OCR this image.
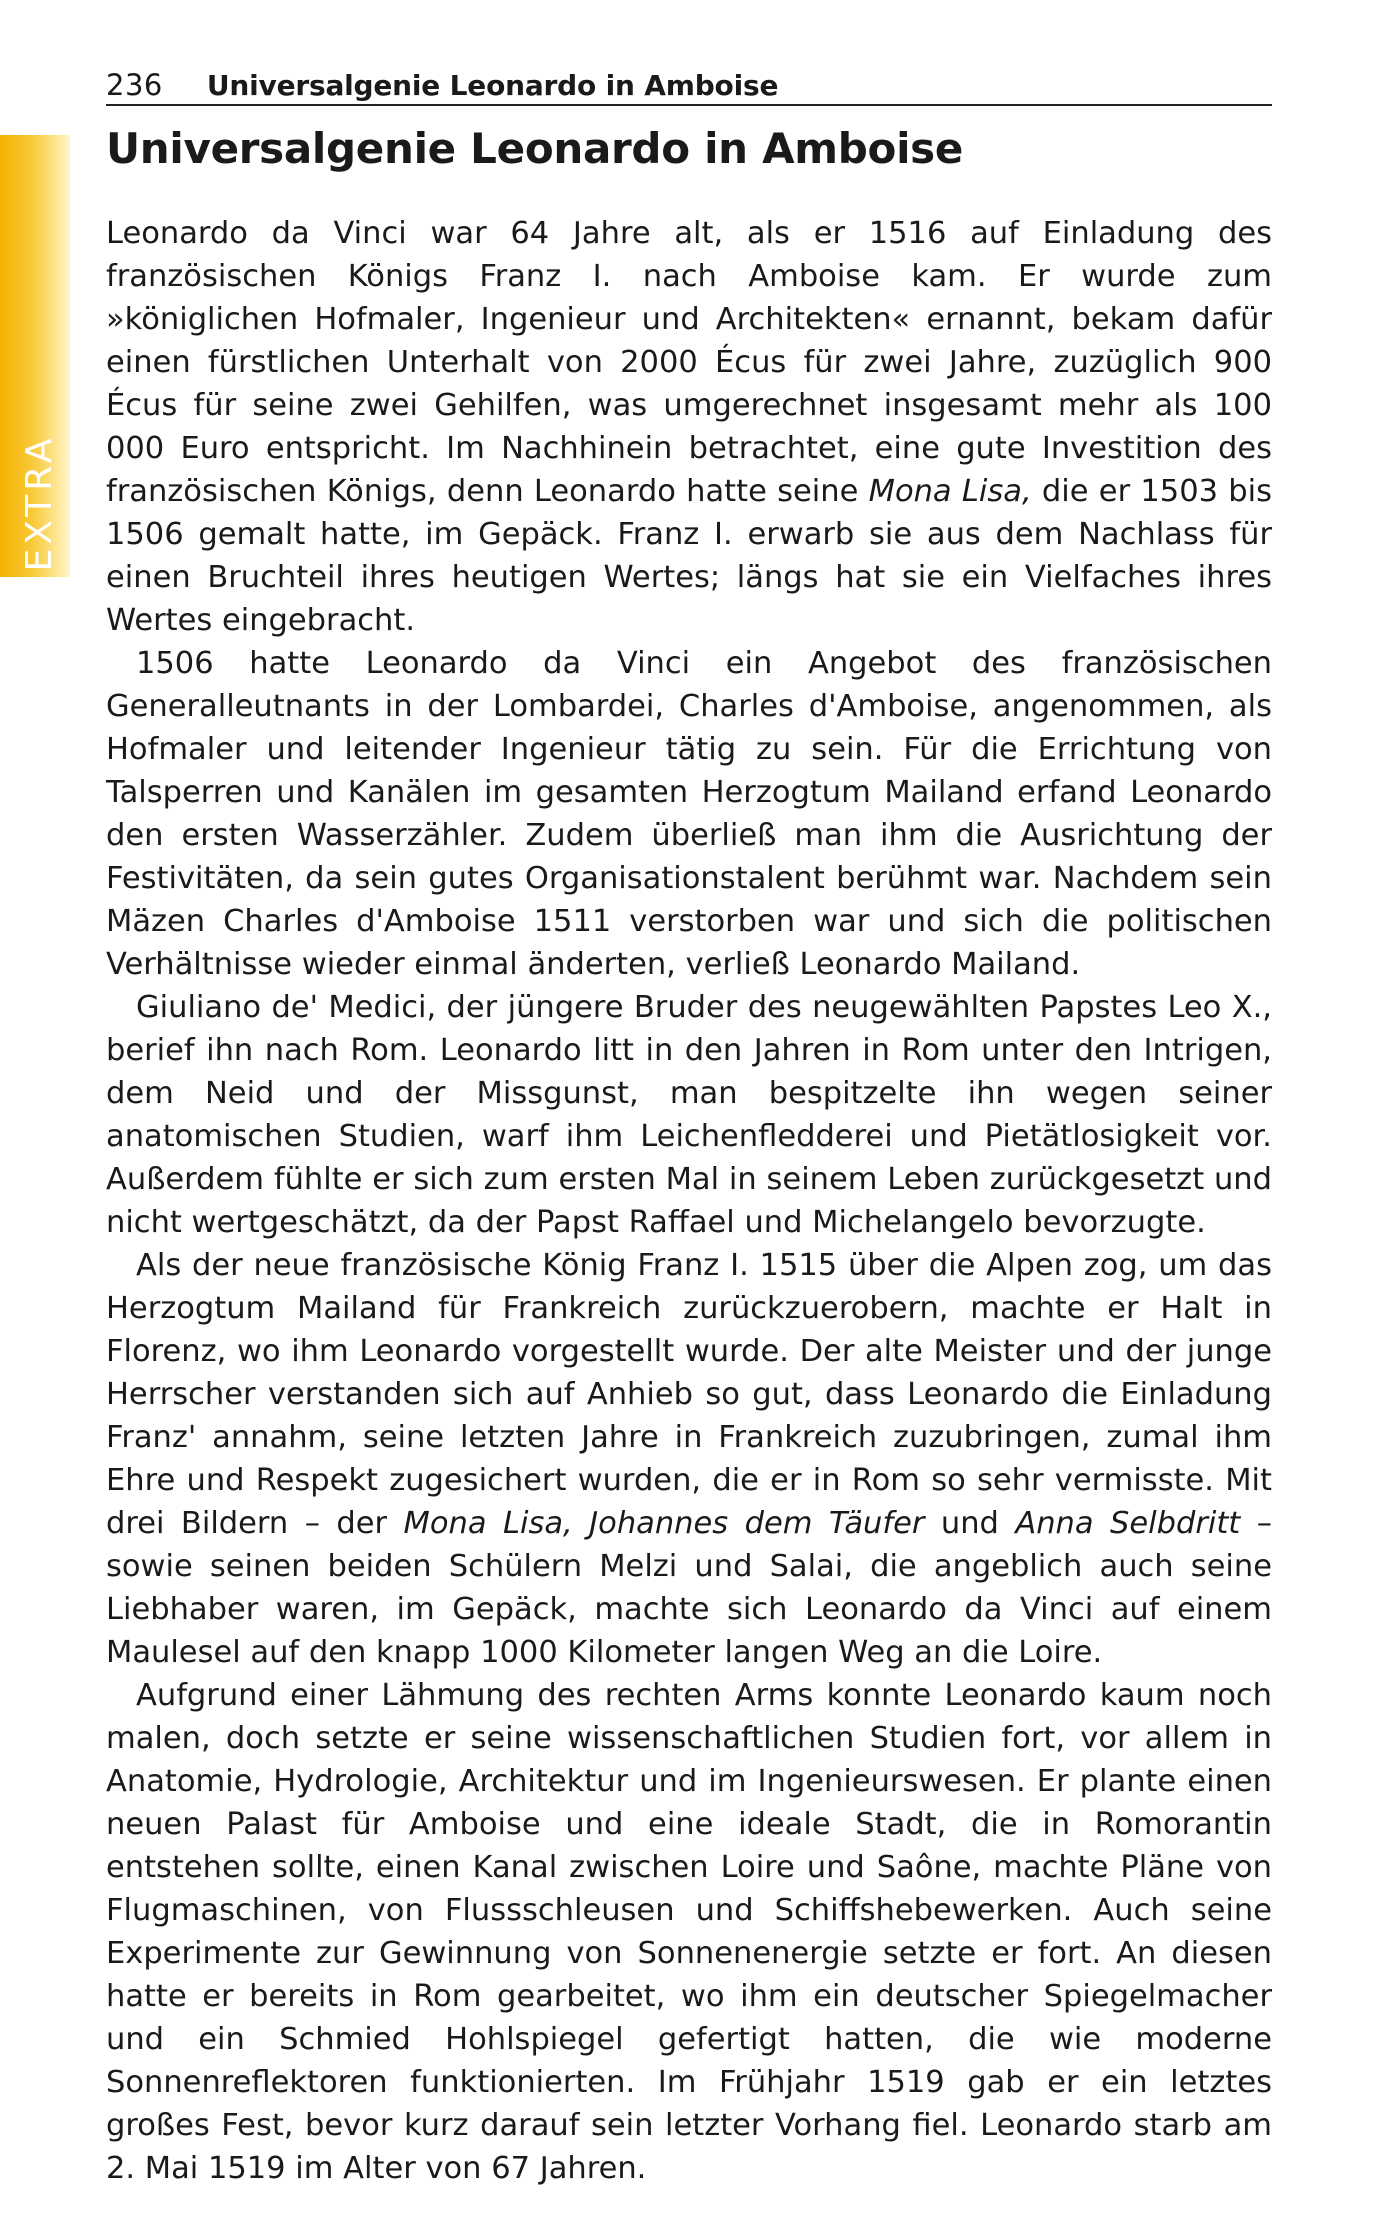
236 Universalgenie Leonardo in Amboise
EXTRA
Universalgenie Leonardo in Amboise

Leonardo da Vinci war 64 Jahre alt, als er 1516 auf Einladung des französischen Königs Franz I. nach Amboise kam. Er wurde zum »königlichen Hofmaler, Ingenieur und Architekten« ernannt, bekam dafür einen fürstlichen Unterhalt von 2000 Écus für zwei Jahre, zuzüglich 900 Écus für seine zwei Gehilfen, was umgerechnet insgesamt mehr als 100 000 Euro entspricht. Im Nachhinein betrachtet, eine gute Investition des französischen Königs, denn Leonardo hatte seine Mona Lisa, die er 1503 bis 1506 gemalt hatte, im Gepäck. Franz I. erwarb sie aus dem Nachlass für einen Bruchteil ihres heutigen Wertes; längs hat sie ein Vielfaches ihres Wertes eingebracht.

1506 hatte Leonardo da Vinci ein Angebot des französischen Generalleutnants in der Lombardei, Charles d'Amboise, angenommen, als Hofmaler und leitender Ingenieur tätig zu sein. Für die Errichtung von Talsperren und Kanälen im gesamten Herzogtum Mailand erfand Leonardo den ersten Wasserzähler. Zudem überließ man ihm die Ausrichtung der Festivitäten, da sein gutes Organisationstalent berühmt war. Nachdem sein Mäzen Charles d'Amboise 1511 verstorben war und sich die politischen Verhältnisse wieder einmal änderten, verließ Leonardo Mailand.

Giuliano de' Medici, der jüngere Bruder des neugewählten Papstes Leo X., berief ihn nach Rom. Leonardo litt in den Jahren in Rom unter den Intrigen, dem Neid und der Missgunst, man bespitzelte ihn wegen seiner anatomischen Studien, warf ihm Leichenfledderei und Pietätlosigkeit vor. Außerdem fühlte er sich zum ersten Mal in seinem Leben zurückgesetzt und nicht wertgeschätzt, da der Papst Raffael und Michelangelo bevorzugte.

Als der neue französische König Franz I. 1515 über die Alpen zog, um das Herzogtum Mailand für Frankreich zurückzuerobern, machte er Halt in Florenz, wo ihm Leonardo vorgestellt wurde. Der alte Meister und der junge Herrscher verstanden sich auf Anhieb so gut, dass Leonardo die Einladung Franz' annahm, seine letzten Jahre in Frankreich zuzubringen, zumal ihm Ehre und Respekt zugesichert wurden, die er in Rom so sehr vermisste. Mit drei Bildern – der Mona Lisa, Johannes dem Täufer und Anna Selbdritt – sowie seinen beiden Schülern Melzi und Salai, die angeblich auch seine Liebhaber waren, im Gepäck, machte sich Leonardo da Vinci auf einem Maulesel auf den knapp 1000 Kilometer langen Weg an die Loire.

Aufgrund einer Lähmung des rechten Arms konnte Leonardo kaum noch malen, doch setzte er seine wissenschaftlichen Studien fort, vor allem in Anatomie, Hydrologie, Architektur und im Ingenieurswesen. Er plante einen neuen Palast für Amboise und eine ideale Stadt, die in Romorantin entstehen sollte, einen Kanal zwischen Loire und Saône, machte Pläne von Flugmaschinen, von Flussschleusen und Schiffshebewerken. Auch seine Experimente zur Gewinnung von Sonnenenergie setzte er fort. An diesen hatte er bereits in Rom gearbeitet, wo ihm ein deutscher Spiegelmacher und ein Schmied Hohlspiegel gefertigt hatten, die wie moderne Sonnenreflektoren funktionierten. Im Frühjahr 1519 gab er ein letztes großes Fest, bevor kurz darauf sein letzter Vorhang fiel. Leonardo starb am 2. Mai 1519 im Alter von 67 Jahren.
